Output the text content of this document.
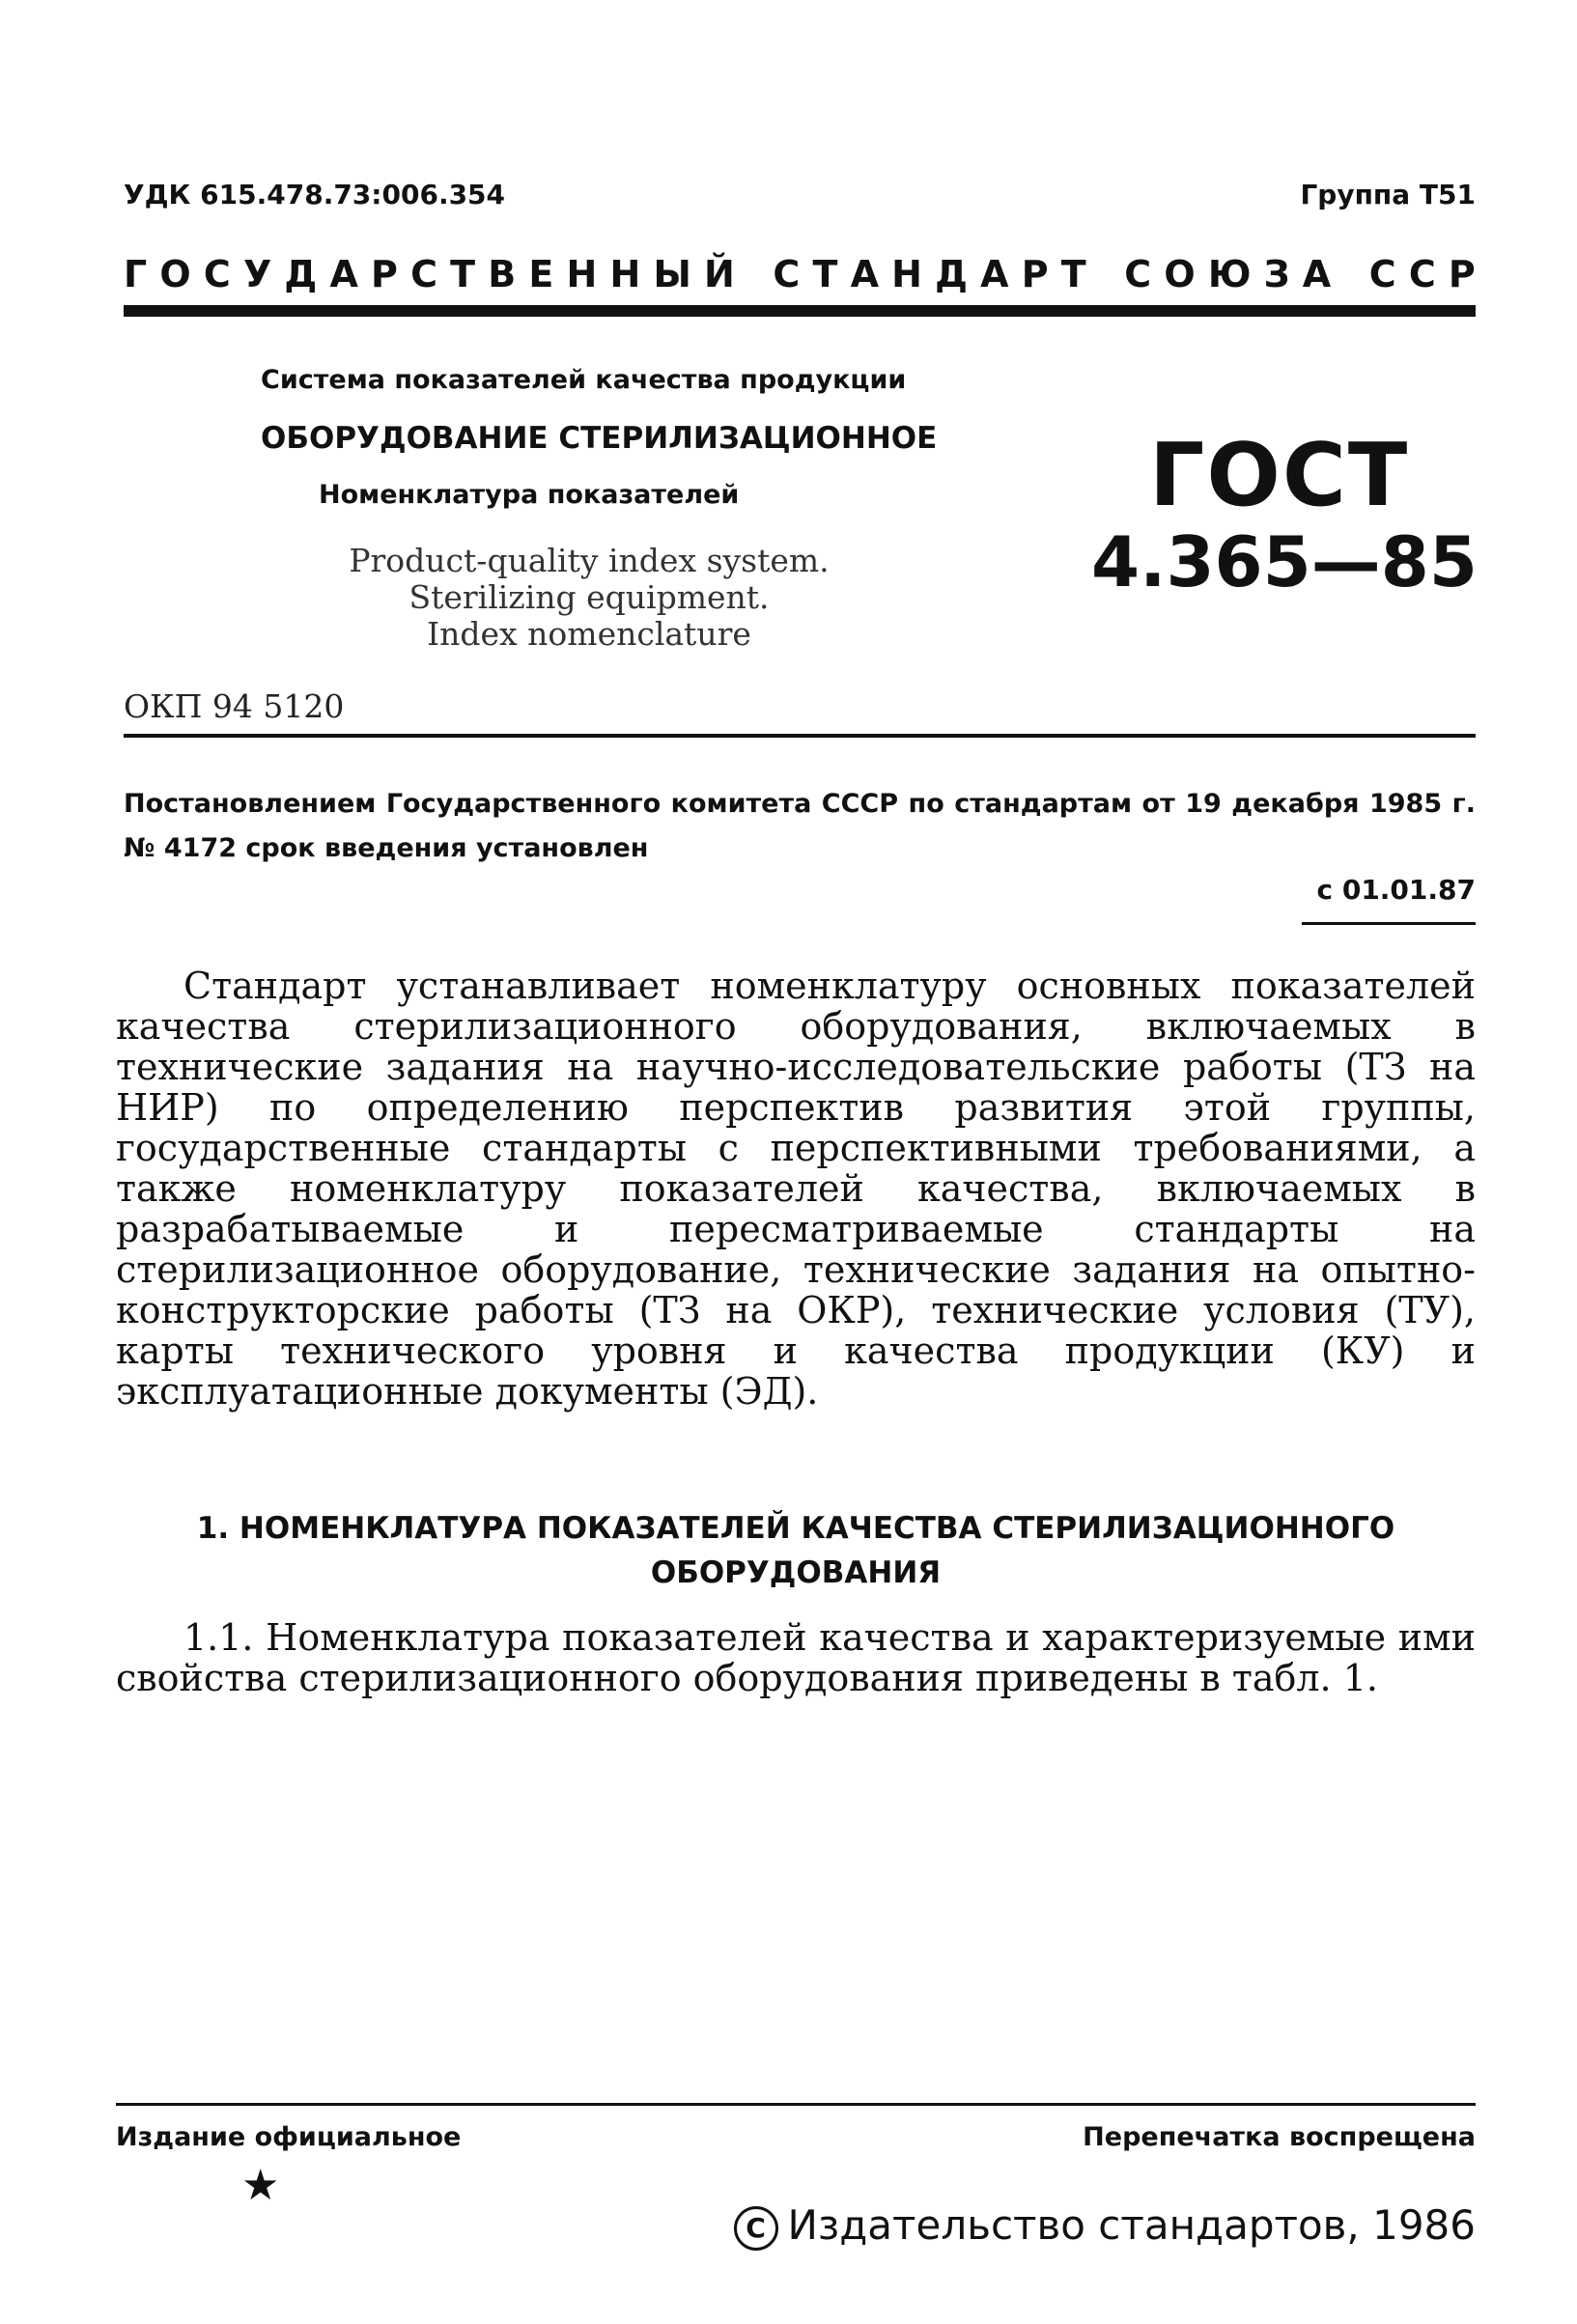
УДК 615.478.73:006.354	Группа Т51
Г О С У Д А Р С Т В Е Н Н Ы Й
С Т А Н Д А Р Т
С О Ю З А
С С Р
Система показателей качества продукции
ОБОРУДОВАНИЕ СТЕРИЛИЗАЦИОННОЕ
Номенклатура показателей
Product-quality index system.
Sterilizing equipment.
Index nomenclature
ГОСТ
4.365—85
ОКП 94 5120
Постановлением Государственного комитета СССР по стандартам от 19 декабря 1985 г. № 4172 срок введения установлен
с 01.01.87
Стандарт устанавливает номенклатуру основных показателей качества стерилизационного оборудования, включаемых в технические задания на научно-исследовательские работы (ТЗ на НИР) по определению перспектив развития этой группы, государственные стандарты с перспективными требованиями, а также номенклатуру показателей качества, включаемых в разрабатываемые и пересматриваемые стандарты на стерилизационное оборудование, технические задания на опытно-конструкторские работы (ТЗ на ОКР), технические условия (ТУ), карты технического уровня и качества продукции (КУ) и эксплуатационные документы (ЭД).
1. НОМЕНКЛАТУРА ПОКАЗАТЕЛЕЙ КАЧЕСТВА СТЕРИЛИЗАЦИОННОГО ОБОРУДОВАНИЯ
1.1. Номенклатура показателей качества и характеризуемые ими свойства стерилизационного оборудования приведены в табл. 1.
Издание официальное	Перепечатка воспрещена
★
C Издательство стандартов, 1986
